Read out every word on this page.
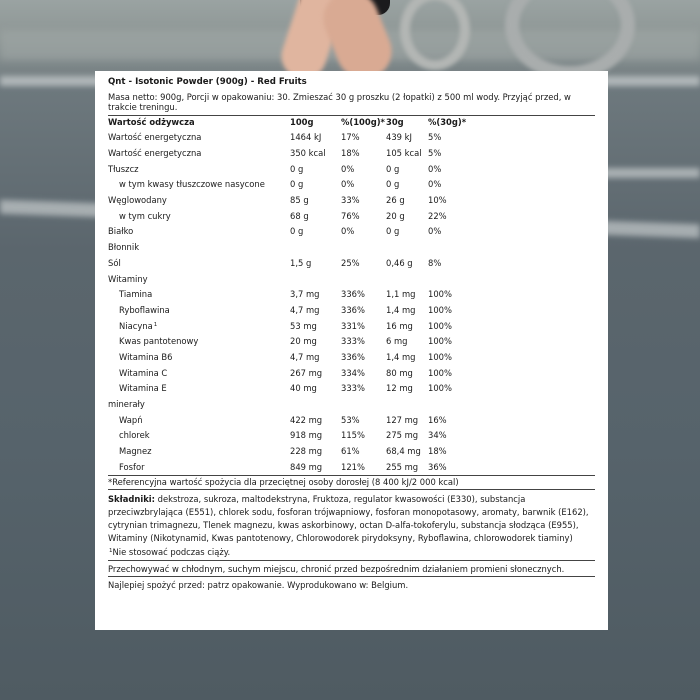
Qnt - Isotonic Powder (900g) - Red Fruits
Masa netto: 900g, Porcji w opakowaniu: 30. Zmieszać 30 g proszku (2 łopatki) z 500 ml wody. Przyjąć przed, w trakcie treningu.
Wartość odżywcza	100g	%(100g)*	30g	%(30g)*
Wartość energetyczna	1464 kJ	17%	439 kJ	5%
Wartość energetyczna	350 kcal	18%	105 kcal	5%
Tłuszcz	0 g	0%	0 g	0%
w tym kwasy tłuszczowe nasycone	0 g	0%	0 g	0%
Węglowodany	85 g	33%	26 g	10%
w tym cukry	68 g	76%	20 g	22%
Białko	0 g	0%	0 g	0%
Błonnik				
Sól	1,5 g	25%	0,46 g	8%
Witaminy				
Tiamina	3,7 mg	336%	1,1 mg	100%
Ryboflawina	4,7 mg	336%	1,4 mg	100%
Niacyna$^1$	53 mg	331%	16 mg	100%
Kwas pantotenowy	20 mg	333%	6 mg	100%
Witamina B6	4,7 mg	336%	1,4 mg	100%
Witamina C	267 mg	334%	80 mg	100%
Witamina E	40 mg	333%	12 mg	100%
minerały				
Wapń	422 mg	53%	127 mg	16%
chlorek	918 mg	115%	275 mg	34%
Magnez	228 mg	61%	68,4 mg	18%
Fosfor	849 mg	121%	255 mg	36%
*Referencyjna wartość spożycia dla przeciętnej osoby dorosłej (8 400 kJ/2 000 kcal)
Składniki: dekstroza, sukroza, maltodekstryna, Fruktoza, regulator kwasowości (E330), substancja przeciwzbrylająca (E551), chlorek sodu, fosforan trójwapniowy, fosforan monopotasowy, aromaty, barwnik (E162), cytrynian trimagnezu, Tlenek magnezu, kwas askorbinowy, octan D-alfa-tokoferylu, substancja słodząca (E955), Witaminy (Nikotynamid, Kwas pantotenowy, Chlorowodorek pirydoksyny, Ryboflawina, chlorowodorek tiaminy)
$^1$Nie stosować podczas ciąży.
Przechowywać w chłodnym, suchym miejscu, chronić przed bezpośrednim działaniem promieni słonecznych.
Najlepiej spożyć przed: patrz opakowanie. Wyprodukowano w: Belgium.
